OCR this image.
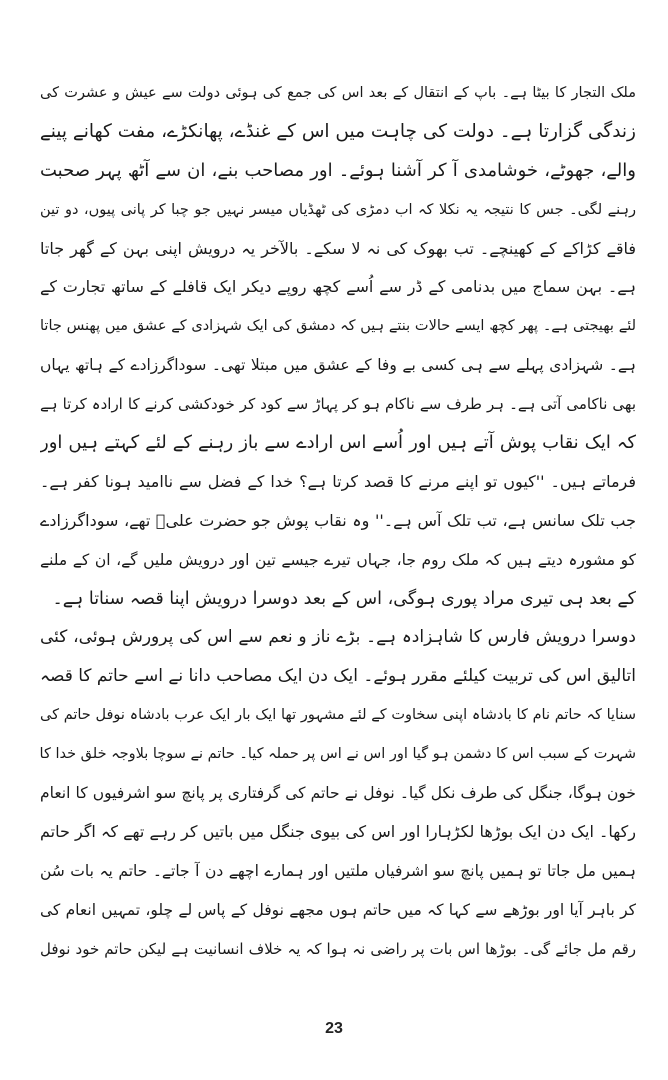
ملک التجار کا بیٹا ہے۔ باپ کے انتقال کے بعد اس کی جمع کی ہوئی دولت سے عیش و عشرت کی
زندگی گزارتا ہے۔ دولت کی چاہت میں اس کے غنڈے، پھانکڑے، مفت کھانے پینے
والے، جھوٹے، خوشامدی آ کر آشنا ہوئے۔ اور مصاحب بنے، ان سے آٹھ پہر صحبت
رہنے لگی۔ جس کا نتیجہ یہ نکلا کہ اب دمڑی کی ٹھڈیاں میسر نہیں جو چبا کر پانی پیوں، دو تین
فاقے کڑاکے کے کھینچے۔ تب بھوک کی نہ لا سکے۔ بالآخر یہ درویش اپنی بہن کے گھر جاتا
ہے۔ بہن سماج میں بدنامی کے ڈر سے اُسے کچھ روپے دیکر ایک قافلے کے ساتھ تجارت کے
لئے بھیجتی ہے۔ پھر کچھ ایسے حالات بنتے ہیں کہ دمشق کی ایک شہزادی کے عشق میں پھنس جاتا
ہے۔ شہزادی پہلے سے ہی کسی بے وفا کے عشق میں مبتلا تھی۔ سوداگرزادے کے ہاتھ یہاں
بھی ناکامی آتی ہے۔ ہر طرف سے ناکام ہو کر پہاڑ سے کود کر خودکشی کرنے کا ارادہ کرتا ہے
کہ ایک نقاب پوش آتے ہیں اور اُسے اس ارادے سے باز رہنے کے لئے کہتے ہیں اور
فرماتے ہیں۔ ''کیوں تو اپنے مرنے کا قصد کرتا ہے؟ خدا کے فضل سے ناامید ہونا کفر ہے۔
جب تلک سانس ہے، تب تلک آس ہے۔'' وہ نقاب پوش جو حضرت علیؑ تھے، سوداگرزادے
کو مشورہ دیتے ہیں کہ ملک روم جا، جہاں تیرے جیسے تین اور درویش ملیں گے، ان کے ملنے
کے بعد ہی تیری مراد پوری ہوگی، اس کے بعد دوسرا درویش اپنا قصہ سناتا ہے۔
دوسرا درویش فارس کا شاہزادہ ہے۔ بڑے ناز و نعم سے اس کی پرورش ہوئی، کئی
اتالیق اس کی تربیت کیلئے مقرر ہوئے۔ ایک دن ایک مصاحب دانا نے اسے حاتم کا قصہ
سنایا کہ حاتم نام کا بادشاہ اپنی سخاوت کے لئے مشہور تھا ایک بار ایک عرب بادشاہ نوفل حاتم کی
شہرت کے سبب اس کا دشمن ہو گیا اور اس نے اس پر حملہ کیا۔ حاتم نے سوچا بلاوجہ خلق خدا کا
خون ہوگا، جنگل کی طرف نکل گیا۔ نوفل نے حاتم کی گرفتاری پر پانچ سو اشرفیوں کا انعام
رکھا۔ ایک دن ایک بوڑھا لکڑہارا اور اس کی بیوی جنگل میں باتیں کر رہے تھے کہ اگر حاتم
ہمیں مل جاتا تو ہمیں پانچ سو اشرفیاں ملتیں اور ہمارے اچھے دن آ جاتے۔ حاتم یہ بات سُن
کر باہر آیا اور بوڑھے سے کہا کہ میں حاتم ہوں مجھے نوفل کے پاس لے چلو، تمہیں انعام کی
رقم مل جائے گی۔ بوڑھا اس بات پر راضی نہ ہوا کہ یہ خلاف انسانیت ہے لیکن حاتم خود نوفل
23
